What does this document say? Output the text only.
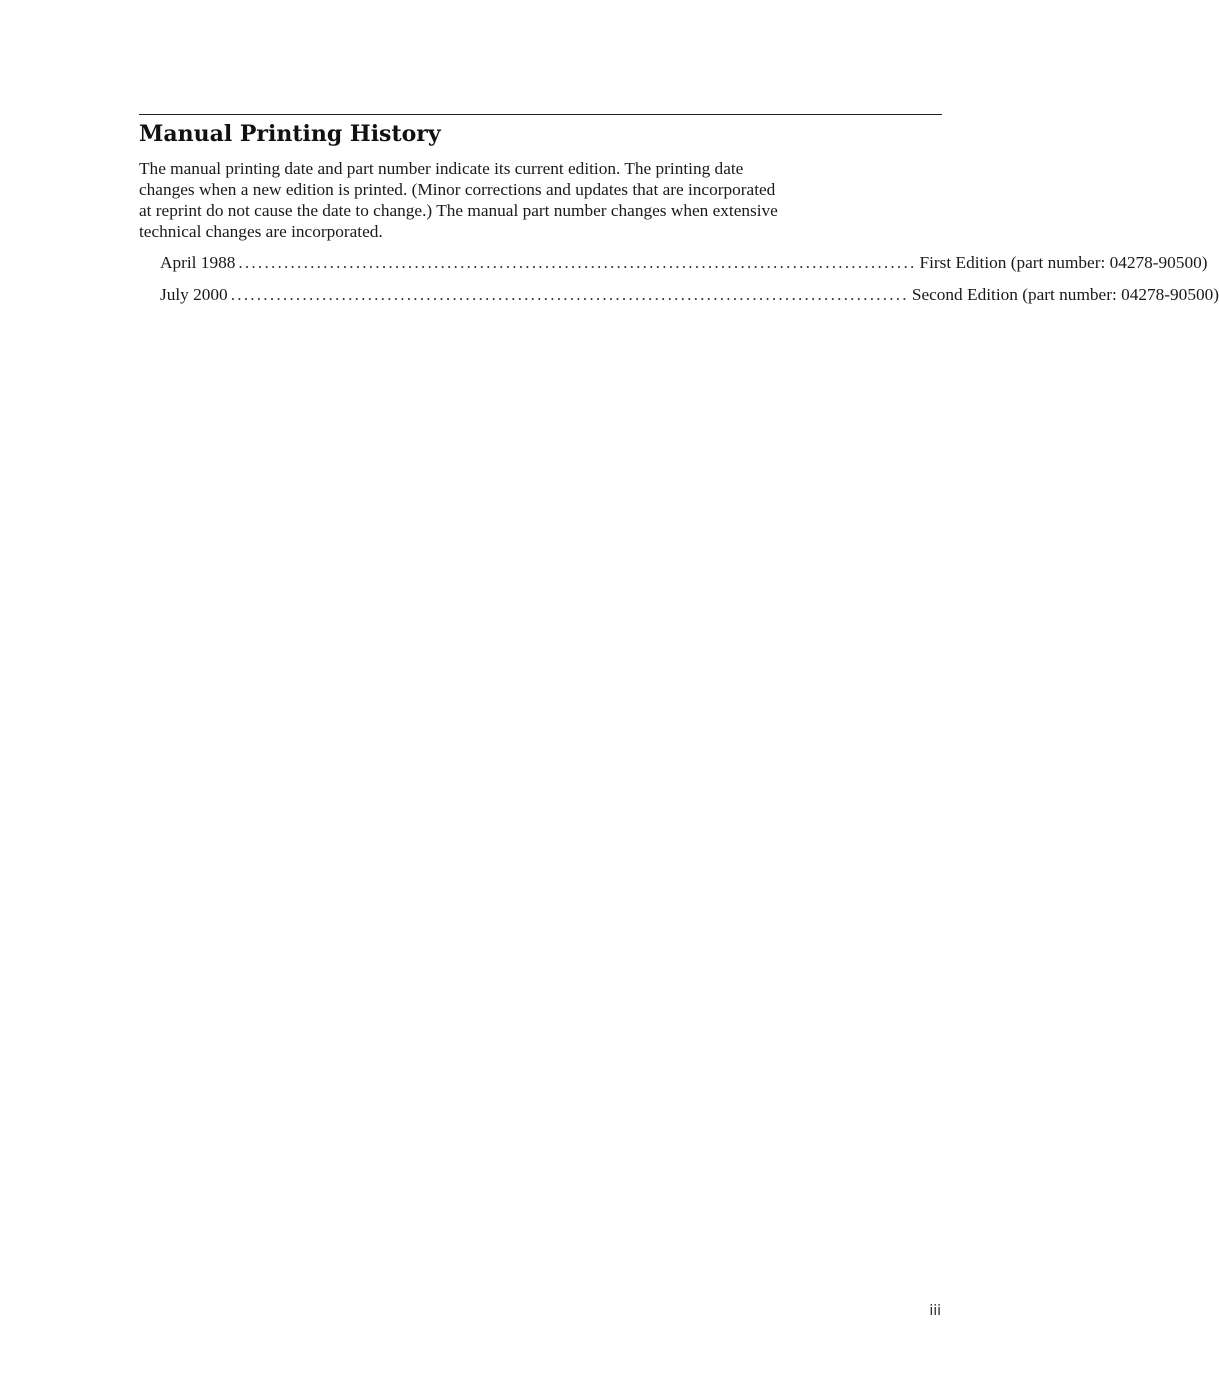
Manual Printing History

The manual printing date and part number indicate its current edition. The printing date
changes when a new edition is printed. (Minor corrections and updates that are incorporated
at reprint do not cause the date to change.) The manual part number changes when extensive
technical changes are incorporated.

April 1988 ........................................................................................................ First Edition (part number: 04278-90500)
July 2000 ........................................................................................................ Second Edition (part number: 04278-90500)
iii
